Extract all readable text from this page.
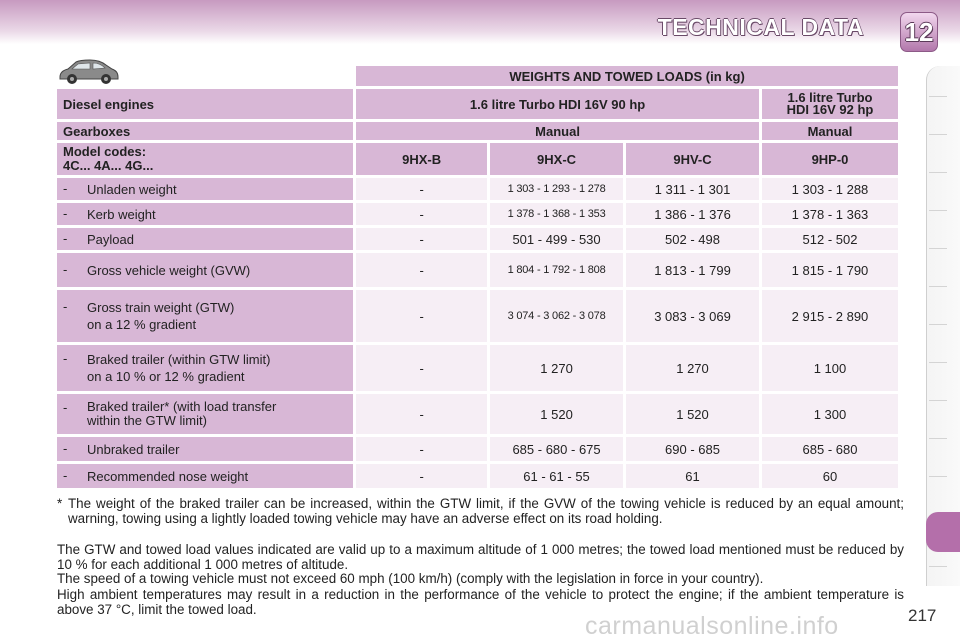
TECHNICAL DATA 12
	WEIGHTS AND TOWED LOADS (in kg)			
Diesel engines	1.6 litre Turbo HDI 16V 90 hp			1.6 litre Turbo
HDI 16V 92 hp
Gearboxes	Manual			Manual
Model codes:
4C... 4A... 4G...	9HX-B	9HX-C	9HV-C	9HP-0

- Unladen weight	-	1 303 - 1 293 - 1 278	1 311 - 1 301	1 303 - 1 288

- Kerb weight	-	1 378 - 1 368 - 1 353	1 386 - 1 376	1 378 - 1 363

- Payload	-	501 - 499 - 530	502 - 498	512 - 502

- Gross vehicle weight (GVW)	-	1 804 - 1 792 - 1 808	1 813 - 1 799	1 815 - 1 790

- Gross train weight (GTW)
on a 12 % gradient	-	3 074 - 3 062 - 3 078	3 083 - 3 069	2 915 - 2 890

- Braked trailer (within GTW limit)
on a 10 % or 12 % gradient	-	1 270	1 270	1 100

- Braked trailer* (with load transfer
within the GTW limit)	-	1 520	1 520	1 300

- Unbraked trailer	-	685 - 680 - 675	690 - 685	685 - 680

- Recommended nose weight	-	61 - 61 - 55	61	60
* The weight of the braked trailer can be increased, within the GTW limit, if the GVW of the towing vehicle is reduced by an equal amount; warning, towing using a lightly loaded towing vehicle may have an adverse effect on its road holding.
The GTW and towed load values indicated are valid up to a maximum altitude of 1 000 metres; the towed load mentioned must be reduced by 10 % for each additional 1 000 metres of altitude.
The speed of a towing vehicle must not exceed 60 mph (100 km/h) (comply with the legislation in force in your country).
High ambient temperatures may result in a reduction in the performance of the vehicle to protect the engine; if the ambient temperature is above 37 °C, limit the towed load.
carmanualsonline.info	217
